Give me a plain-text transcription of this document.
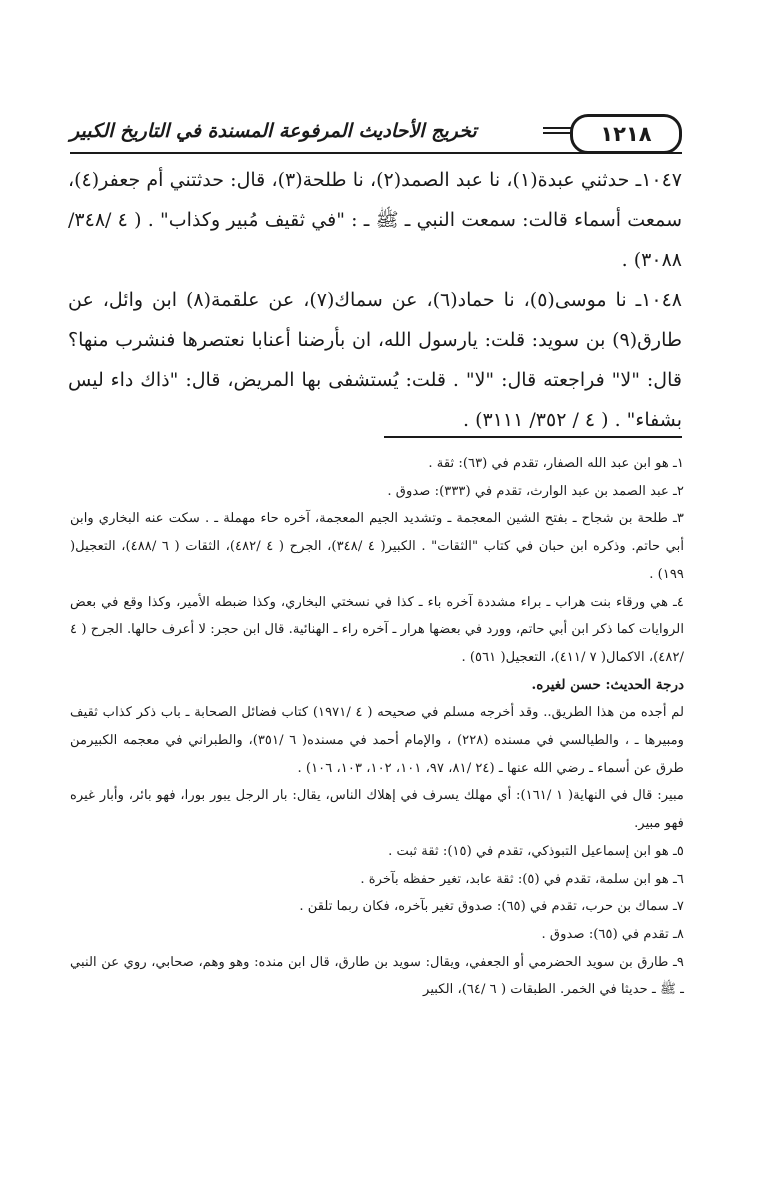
١٢١٨
تخريج الأحاديث المرفوعة المسندة في التاريخ الكبير

١٠٤٧ـ حدثني عبدة(١)، نا عبد الصمد(٢)، نا طلحة(٣)، قال: حدثتني أم جعفر(٤)، سمعت أسماء قالت: سمعت النبي ـ ﷺ ـ : "في ثقيف مُبير وكذاب" . ( ٤ /٣٤٨/ ٣٠٨٨) .

١٠٤٨ـ نا موسى(٥)، نا حماد(٦)، عن سماك(٧)، عن علقمة(٨) ابن وائل، عن طارق(٩) بن سويد: قلت: يارسول الله، ان بأرضنا أعنابا نعتصرها فنشرب منها؟ قال: "لا" فراجعته قال: "لا" . قلت: يُستشفى بها المريض، قال: "ذاك داء ليس بشفاء" . ( ٤ / ٣٥٢/ ٣١١١) .

١ـ هو ابن عبد الله الصفار، تقدم في (٦٣): ثقة .

٢ـ عبد الصمد بن عبد الوارث، تقدم في (٣٣٣): صدوق .

٣ـ طلحة بن شجاح ـ بفتح الشين المعجمة ـ وتشديد الجيم المعجمة، آخره حاء مهملة ـ . سكت عنه البخاري وابن أبي حاتم. وذكره ابن حبان في كتاب "الثقات" . الكبير( ٤ /٣٤٨)، الجرح ( ٤ /٤٨٢)، الثقات ( ٦ /٤٨٨)، التعجيل( ١٩٩) .

٤ـ هي ورقاء بنت هراب ـ براء مشددة آخره باء ـ كذا في نسختي البخاري، وكذا ضبطه الأمير، وكذا وقع في بعض الروايات كما ذكر ابن أبي حاتم، وورد في بعضها هرار ـ آخره راء ـ الهنائية. قال ابن حجر: لا أعرف حالها. الجرح ( ٤ /٤٨٢)، الاكمال( ٧ /٤١١)، التعجيل( ٥٦١) .

درجة الحديث: حسن لغيره.

لم أجده من هذا الطريق.. وقد أخرجه مسلم في صحيحه ( ٤ /١٩٧١) كتاب فضائل الصحابة ـ باب ذكر كذاب ثقيف ومبيرها ـ ، والطيالسي في مسنده (٢٢٨) ، والإمام أحمد في مسنده( ٦ /٣٥١)، والطبراني في معجمه الكبيرمن طرق عن أسماء ـ رضي الله عنها ـ (٢٤ /٨١، ٩٧، ١٠١، ١٠٢، ١٠٣، ١٠٦) .

مبير: قال في النهاية( ١ /١٦١): أي مهلك يسرف في إهلاك الناس، يقال: بار الرجل يبور بورا، فهو بائر، وأبار غيره فهو مبير.

٥ـ هو ابن إسماعيل التبوذكي، تقدم في (١٥): ثقة ثبت .

٦ـ هو ابن سلمة، تقدم في (٥): ثقة عابد، تغير حفظه بآخرة .

٧ـ سماك بن حرب، تقدم في (٦٥): صدوق تغير بآخره، فكان ربما تلقن .

٨ـ تقدم في (٦٥): صدوق .

٩ـ طارق بن سويد الحضرمي أو الجعفي، ويقال: سويد بن طارق، قال ابن منده: وهو وهم، صحابي، روي عن النبي ـ ﷺ ـ حديثا في الخمر. الطبقات ( ٦ /٦٤)، الكبير
